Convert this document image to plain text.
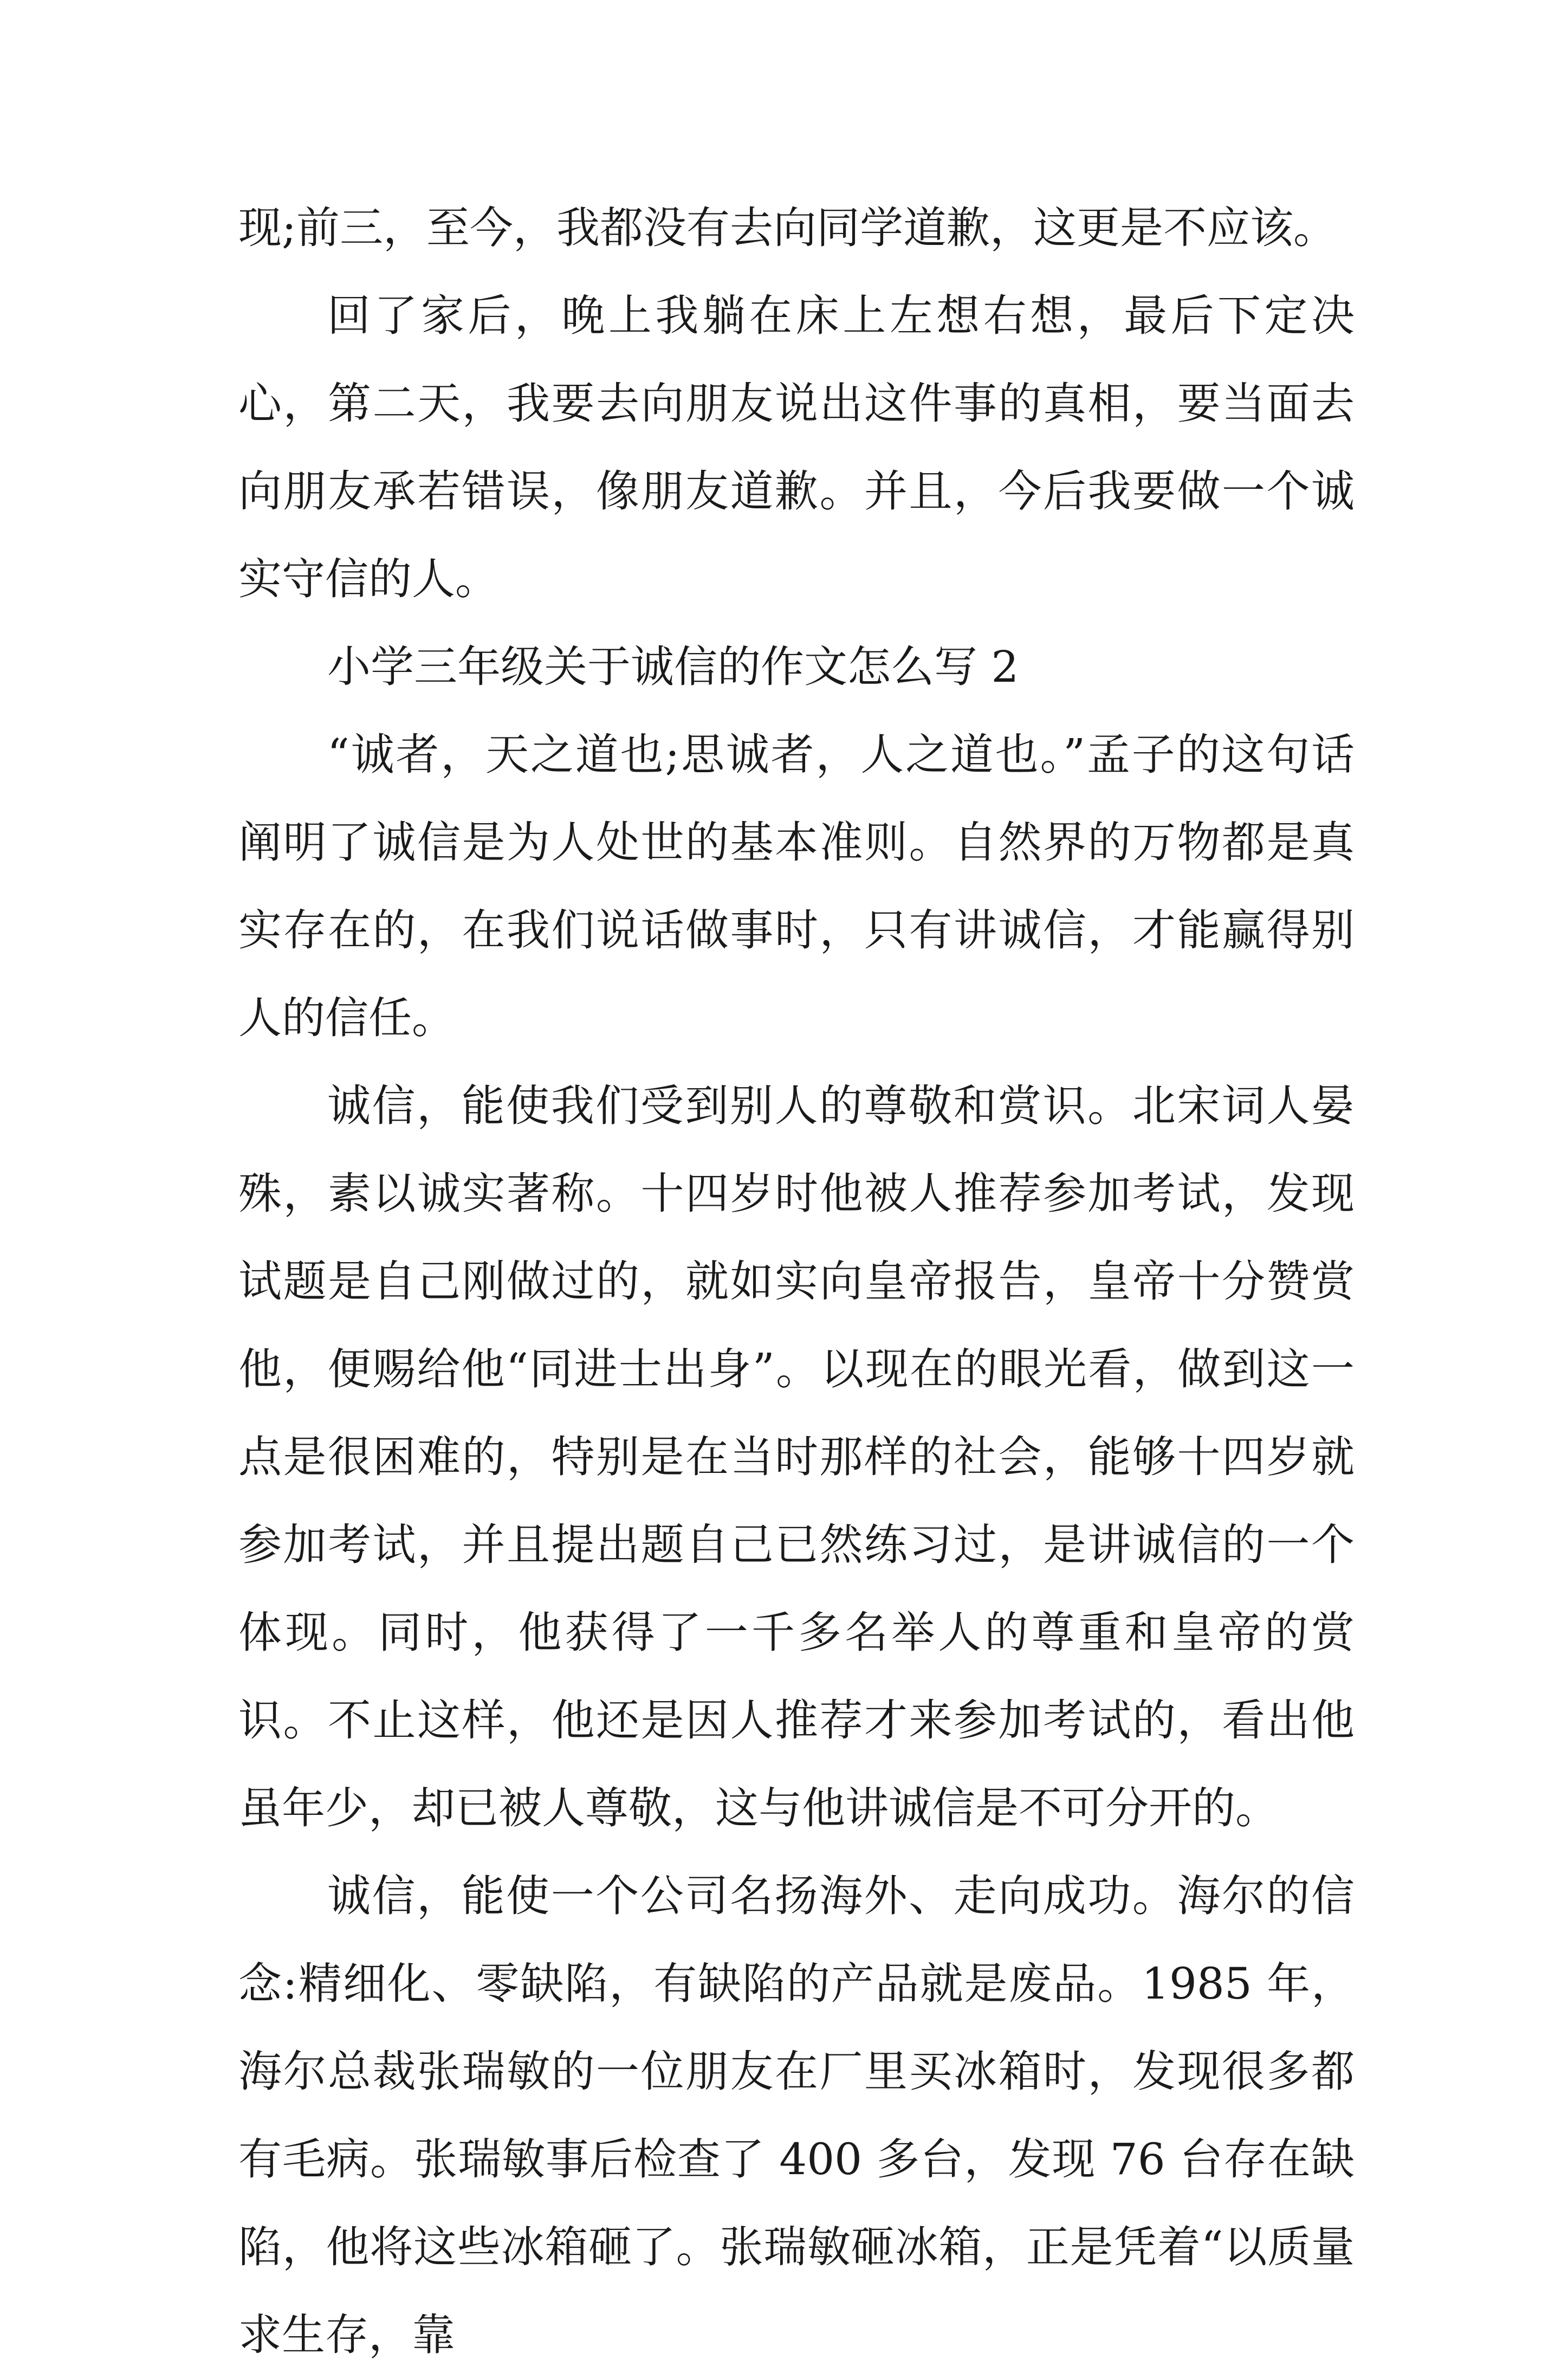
现;前三，至今，我都没有去向同学道歉，这更是不应该。

回了家后，晚上我躺在床上左想右想，最后下定决心，第二天，我要去向朋友说出这件事的真相，要当面去向朋友承若错误，像朋友道歉。并且，今后我要做一个诚实守信的人。

小学三年级关于诚信的作文怎么写 2

“诚者，天之道也;思诚者，人之道也。”孟子的这句话阐明了诚信是为人处世的基本准则。自然界的万物都是真实存在的，在我们说话做事时，只有讲诚信，才能赢得别人的信任。

诚信，能使我们受到别人的尊敬和赏识。北宋词人晏殊，素以诚实著称。十四岁时他被人推荐参加考试，发现试题是自己刚做过的，就如实向皇帝报告，皇帝十分赞赏他，便赐给他“同进士出身”。以现在的眼光看，做到这一点是很困难的，特别是在当时那样的社会，能够十四岁就参加考试，并且提出题自己已然练习过，是讲诚信的一个体现。同时，他获得了一千多名举人的尊重和皇帝的赏识。不止这样，他还是因人推荐才来参加考试的，看出他虽年少，却已被人尊敬，这与他讲诚信是不可分开的。

诚信，能使一个公司名扬海外、走向成功。海尔的信念:精细化、零缺陷，有缺陷的产品就是废品。1985 年，海尔总裁张瑞敏的一位朋友在厂里买冰箱时，发现很多都有毛病。张瑞敏事后检查了 400 多台，发现 76 台存在缺陷，他将这些冰箱砸了。张瑞敏砸冰箱，正是凭着“以质量求生存，靠
